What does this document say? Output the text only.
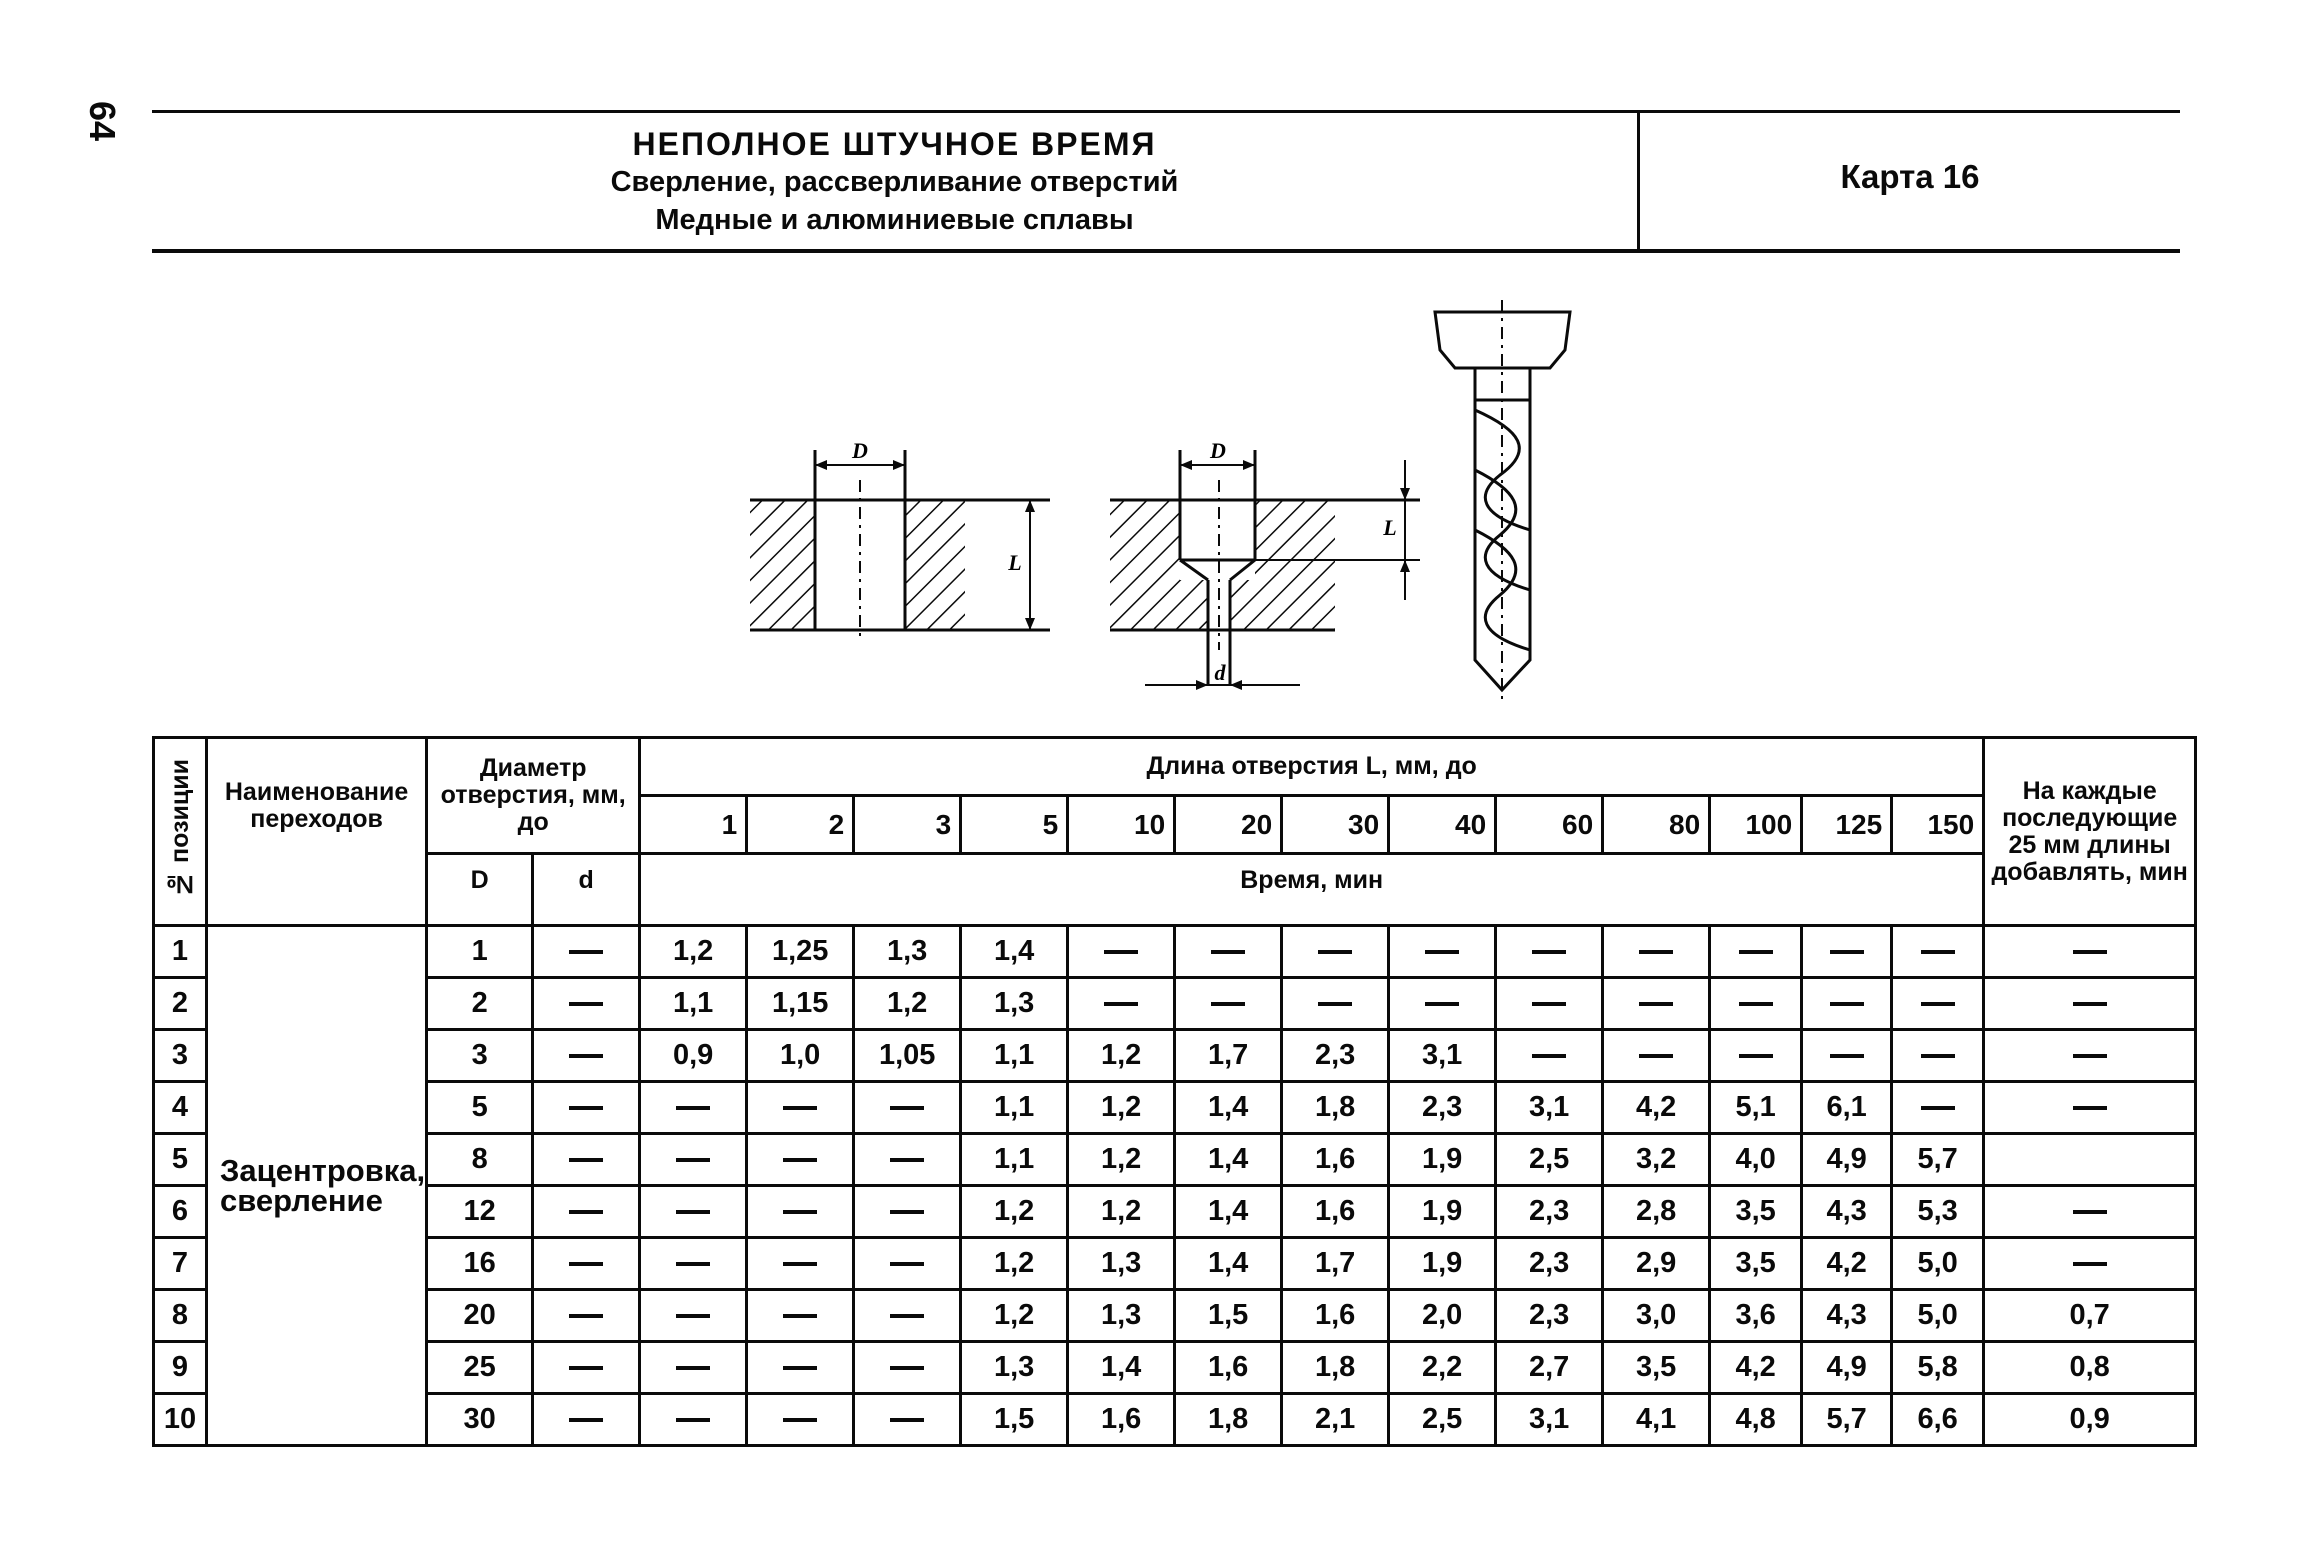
64
НЕПОЛНОЕ ШТУЧНОЕ ВРЕМЯ
Сверление, рассверливание отверстий
Медные и алюминиевые сплавы
Карта 16
D
L
D
L
d
№ позиции	Наименование переходов	Диаметр отверстия, мм, до		Длина отверстия L, мм, до													На каждые последующие 25 мм длины добавлять, мин
				1	2	3	5	10	20	30	40	60	80	100	125	150	
		D	d	Время, мин													
1	Зацентровка, сверление	1		1,2	1,25	1,3	1,4										
2		2		1,1	1,15	1,2	1,3										
3		3		0,9	1,0	1,05	1,1	1,2	1,7	2,3	3,1						
4		5					1,1	1,2	1,4	1,8	2,3	3,1	4,2	5,1	6,1		
5		8					1,1	1,2	1,4	1,6	1,9	2,5	3,2	4,0	4,9	5,7	
6		12					1,2	1,2	1,4	1,6	1,9	2,3	2,8	3,5	4,3	5,3	
7		16					1,2	1,3	1,4	1,7	1,9	2,3	2,9	3,5	4,2	5,0	
8		20					1,2	1,3	1,5	1,6	2,0	2,3	3,0	3,6	4,3	5,0	0,7
9		25					1,3	1,4	1,6	1,8	2,2	2,7	3,5	4,2	4,9	5,8	0,8
10		30					1,5	1,6	1,8	2,1	2,5	3,1	4,1	4,8	5,7	6,6	0,9
